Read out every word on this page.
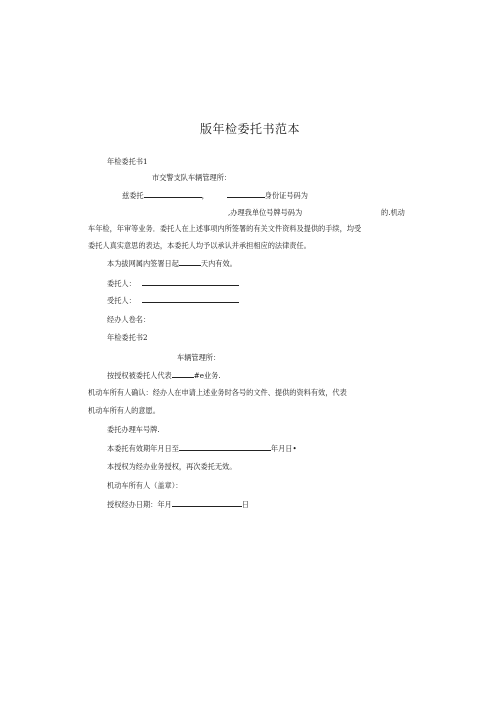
版年检委托书范本
年检委托书1
市交警支队车辆管理所：
兹委托	，	身份证号码为
,办理我单位号牌号码为	的.机动
车年检，年审等业务．委托人在上述事项内所签署的有关文件资料及提供的手续，均受
委托人真实意思的表达，本委托人均予以承认并承担相应的法律责任。
本为拔网属内签署日起	天内有效。
委托人：
受托人：
经办人卷名：
年检委托书2
车辆管理所：
按授权被委托人代表	#e业务.
机动车所有人确认：经办人在申请上述业务时各号的文件、提供的资料有效，代表
机动车所有人的意愿。
委托办理车号牌.
本委托有效期年月日至	年月日•
本授权为经办业务授权，再次委托无效。
机动车所有人（盖章）：
授权经办日期：年月	日
